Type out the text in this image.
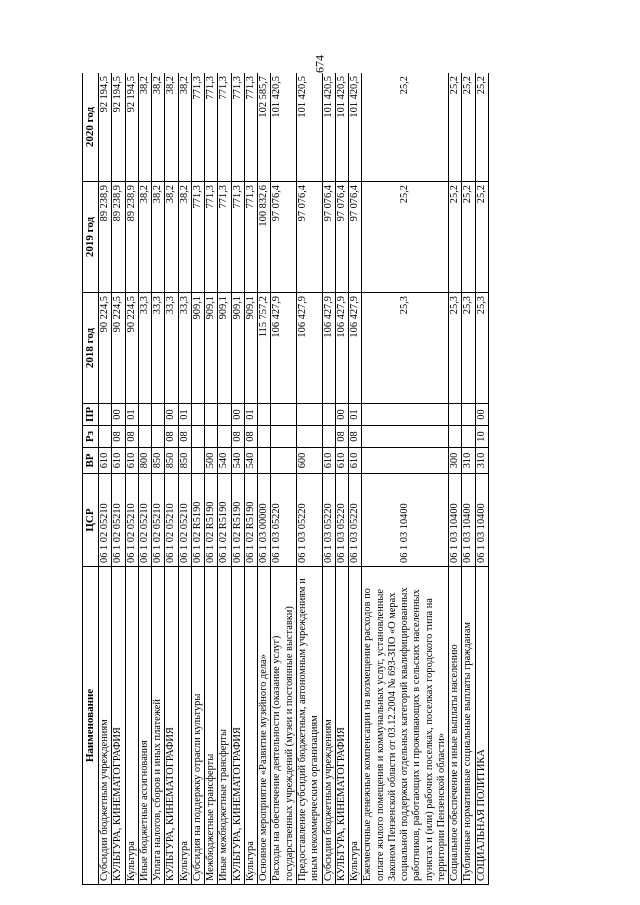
674
Наименование	ЦСР	ВР	Рз	ПР	2018 год	2019 год	2020 год
Субсидии бюджетным учреждениям	06 1 02 05210	610			90 224,5	89 238,9	92 194,5
КУЛЬТУРА, КИНЕМАТОГРАФИЯ	06 1 02 05210	610	08	00	90 224,5	89 238,9	92 194,5
Культура	06 1 02 05210	610	08	01	90 224,5	89 238,9	92 194,5
Иные бюджетные ассигнования	06 1 02 05210	800			33,3	38,2	38,2
Уплата налогов, сборов и иных платежей	06 1 02 05210	850			33,3	38,2	38,2
КУЛЬТУРА, КИНЕМАТОГРАФИЯ	06 1 02 05210	850	08	00	33,3	38,2	38,2
Культура	06 1 02 05210	850	08	01	33,3	38,2	38,2
Субсидия на поддержку отрасли культуры	06 1 02 R5190				909,1	771,3	771,3
Межбюджетные трансферты	06 1 02 R5190	500			909,1	771,3	771,3
Иные межбюджетные трансферты	06 1 02 R5190	540			909,1	771,3	771,3
КУЛЬТУРА, КИНЕМАТОГРАФИЯ	06 1 02 R5190	540	08	00	909,1	771,3	771,3
Культура	06 1 02 R5190	540	08	01	909,1	771,3	771,3
Основное мероприятие «Развитие музейного дела»	06 1 03 00000				115 757,2	100 832,6	102 585,7
Расходы на обеспечение деятельности (оказание услуг) государственных учреждений (музеи и постоянные выставки)	06 1 03 05220				106 427,9	97 076,4	101 420,5
Предоставление субсидий бюджетным, автономным учреждениям и иным некоммерческим организациям	06 1 03 05220	600			106 427,9	97 076,4	101 420,5
Субсидии бюджетным учреждениям	06 1 03 05220	610			106 427,9	97 076,4	101 420,5
КУЛЬТУРА, КИНЕМАТОГРАФИЯ	06 1 03 05220	610	08	00	106 427,9	97 076,4	101 420,5
Культура	06 1 03 05220	610	08	01	106 427,9	97 076,4	101 420,5
Ежемесячные денежные компенсации на возмещение расходов по оплате жилого помещения и коммунальных услуг, установленные Законом Пензенской области от 03.12.2004 № 693-ЗПО «О мерах социальной поддержки отдельных категорий квалифицированных работников, работающих и проживающих в сельских населенных пунктах и (или) рабочих поселках, поселках городского типа на территории Пензенской области»	06 1 03 10400				25,3	25,2	25,2
Социальное обеспечение и иные выплаты населению	06 1 03 10400	300			25,3	25,2	25,2
Публичные нормативные социальные выплаты гражданам	06 1 03 10400	310			25,3	25,2	25,2
СОЦИАЛЬНАЯ ПОЛИТИКА	06 1 03 10400	310	10	00	25,3	25,2	25,2
